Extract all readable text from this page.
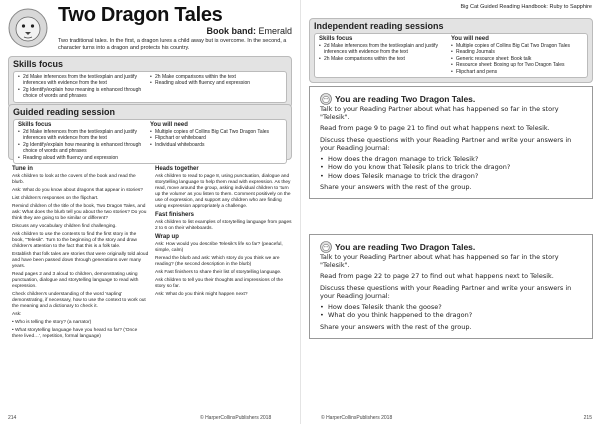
Two Dragon Tales
Book band: Emerald

Two traditional tales. In the first, a dragon lures a child away but is overcome. In the second, a character turns into a dragon and protects his country.

Skills focus
• 2d Make inferences from the text/explain and justify inferences with evidence from the text
• 2g Identify/explain how meaning is enhanced through choice of words and phrases
• 2h Make comparisons within the text
• Reading aloud with fluency and expression
Guided reading session
Skills focus
• 2d Make inferences from the text/explain and justify inferences with evidence from the text
• 2g Identify/explain how meaning is enhanced through choice of words and phrases
• Reading aloud with fluency and expression
You will need
• Multiple copies of Collins Big Cat Two Dragon Tales
• Flipchart or whiteboard
• Individual whiteboards
Tune in

Ask children to look at the covers of the book and read the blurb.

Ask: What do you know about dragons that appear in stories?

List children's responses on the flipchart.

Remind children of the title of the book, Two Dragon Tales, and ask: What does the blurb tell you about the two stories? Do you think they are going to be similar or different?

Discuss any vocabulary children find challenging.

Ask children to use the contents to find the first story in the book, "Telesik". Turn to the beginning of the story and draw children's attention to the fact that this is a folk tale.

Establish that folk tales are stories that were originally told aloud and have been passed down through generations over many years.

Read pages 2 and 3 aloud to children, demonstrating using punctuation, dialogue and storytelling language to read with expression.

Check children's understanding of the word 'sapling' demonstrating, if necessary, how to use the context to work out the meaning and a dictionary to check it.

Ask:

• Who is telling the story? (a narrator)

• What storytelling language have you heard so far? ('Once there lived…', repetition, formal language)

Heads together

Ask children to read to page 8, using punctuation, dialogue and storytelling language to help them read with expression. As they read, move around the group, asking individual children to 'turn up the volume' as you listen to them. Comment positively on the use of expression, and support any children who are finding using expression appropriately a challenge.

Fast finishers

Ask children to list examples of storytelling language from pages 2 to 6 on their whiteboards.

Wrap up

Ask: How would you describe Telesik's life so far? (peaceful, simple, calm)

Reread the blurb and ask: Which story do you think we are reading? (the second description in the blurb)

Ask Fast finishers to share their list of storytelling language.

Ask children to tell you their thoughts and impressions of the story so far.

Ask: What do you think might happen next?

214	© HarperCollinsPublishers 2018
Big Cat Guided Reading Handbook: Ruby to Sapphire
Independent reading sessions
Skills focus
• 2d Make inferences from the text/explain and justify inferences with evidence from the text
• 2h Make comparisons within the text
You will need
• Multiple copies of Collins Big Cat Two Dragon Tales
• Reading Journals
• Generic resource sheet: Book talk
• Resource sheet: Boxing up for Two Dragon Tales
• Flipchart and pens
You are reading Two Dragon Tales.

Talk to your Reading Partner about what has happened so far in the story "Telesik".

Read from page 9 to page 21 to find out what happens next to Telesik.

Discuss these questions with your Reading Partner and write your answers in your Reading Journal:

• How does the dragon manage to trick Telesik?
• How do you know that Telesik plans to trick the dragon?
• How does Telesik manage to trick the dragon?

Share your answers with the rest of the group.

You are reading Two Dragon Tales.

Talk to your Reading Partner about what has happened so far in the story "Telesik".

Read from page 22 to page 27 to find out what happens next to Telesik.

Discuss these questions with your Reading Partner and write your answers in your Reading Journal:

• How does Telesik thank the goose?
• What do you think happened to the dragon?

Share your answers with the rest of the group.

© HarperCollinsPublishers 2018	215
